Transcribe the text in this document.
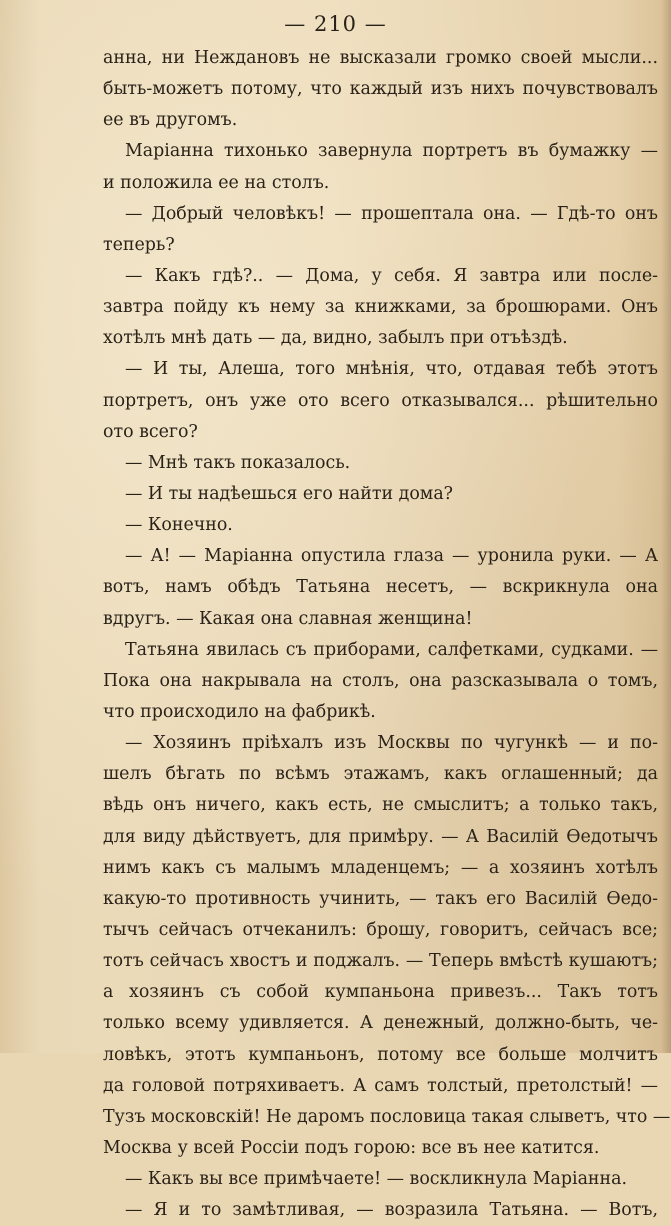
— 210 —
анна, ни Неждановъ не высказали громко своей мысли...
быть-можетъ потому, что каждый изъ нихъ почувствовалъ
ее въ другомъ.
Маріанна тихонько завернула портретъ въ бумажку —
и положила ее на столъ.
— Добрый человѣкъ! — прошептала она. — Гдѣ-то онъ
теперь?
— Какъ гдѣ?.. — Дома, у себя. Я завтра или после-
завтра пойду къ нему за книжками, за брошюрами. Онъ
хотѣлъ мнѣ дать — да, видно, забылъ при отъѣздѣ.
— И ты, Алеша, того мнѣнія, что, отдавая тебѣ этотъ
портретъ, онъ уже ото всего отказывался... рѣшительно
ото всего?
— Мнѣ такъ показалось.
— И ты надѣешься его найти дома?
— Конечно.
— А! — Маріанна опустила глаза — уронила руки. — А
вотъ, намъ обѣдъ Татьяна несетъ, — вскрикнула она
вдругъ. — Какая она славная женщина!
Татьяна явилась съ приборами, салфетками, судками. —
Пока она накрывала на столъ, она разсказывала о томъ,
что происходило на фабрикѣ.
— Хозяинъ пріѣхалъ изъ Москвы по чугункѣ — и по-
шелъ бѣгать по всѣмъ этажамъ, какъ оглашенный; да
вѣдь онъ ничего, какъ есть, не смыслитъ; а только такъ,
для виду дѣйствуетъ, для примѣру. — А Василій Ѳедотычъ
нимъ какъ съ малымъ младенцемъ; — а хозяинъ хотѣлъ
какую-то противность учинить, — такъ его Василій Ѳедо-
тычъ сейчасъ отчеканилъ: брошу, говоритъ, сейчасъ все;
тотъ сейчасъ хвостъ и поджалъ. — Теперь вмѣстѣ кушаютъ;
а хозяинъ съ собой кумпаньона привезъ... Такъ тотъ
только всему удивляется. А денежный, должно-быть, че-
ловѣкъ, этотъ кумпаньонъ, потому все больше молчитъ
да головой потряхиваетъ. А самъ толстый, претолстый! —
Тузъ московскій! Не даромъ пословица такая слыветъ, что —
Москва у всей Россіи подъ горою: все въ нее катится.
— Какъ вы все примѣчаете! — воскликнула Маріанна.
— Я и то замѣтливая, — возразила Татьяна. — Вотъ,
